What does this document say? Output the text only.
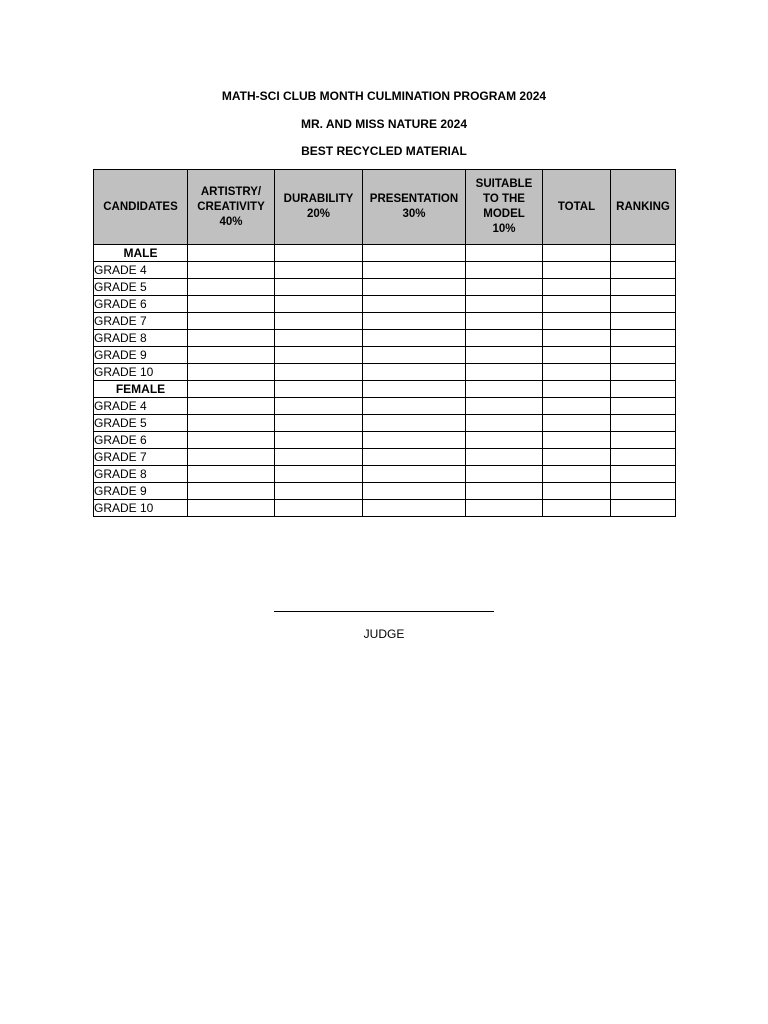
MATH-SCI CLUB MONTH CULMINATION PROGRAM 2024
MR. AND MISS NATURE 2024
BEST RECYCLED MATERIAL
CANDIDATES	ARTISTRY/
CREATIVITY
40%	DURABILITY
20%	PRESENTATION
30%	SUITABLE
TO THE
MODEL
10%	TOTAL	RANKING

MALE						
GRADE 4						
GRADE 5						
GRADE 6						
GRADE 7						
GRADE 8						
GRADE 9						
GRADE 10						
FEMALE						
GRADE 4						
GRADE 5						
GRADE 6						
GRADE 7						
GRADE 8						
GRADE 9						
GRADE 10						
JUDGE
